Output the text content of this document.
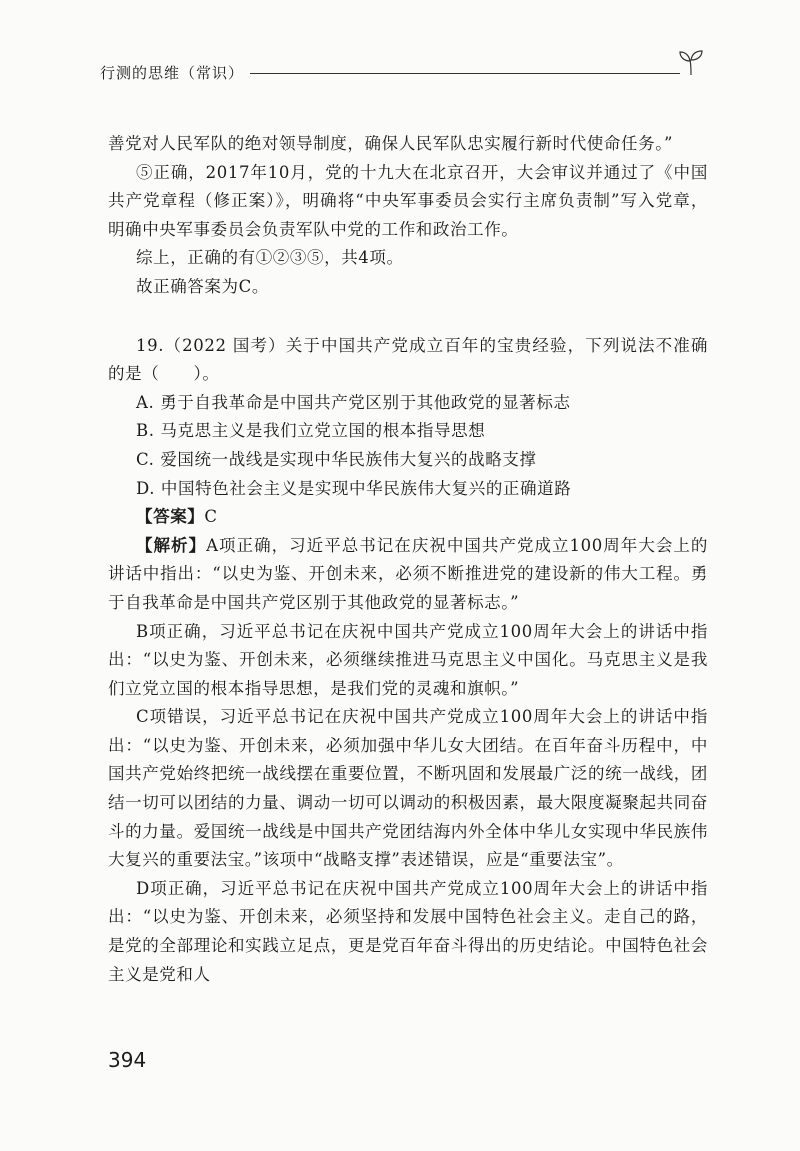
行测的思维（常识）

善党对人民军队的绝对领导制度，确保人民军队忠实履行新时代使命任务。”

⑤正确，2017年10月，党的十九大在北京召开，大会审议并通过了《中国共产党章程（修正案）》，明确将“中央军事委员会实行主席负责制”写入党章，明确中央军事委员会负责军队中党的工作和政治工作。

综上，正确的有①②③⑤，共4项。

故正确答案为C。

19.（2022 国考）关于中国共产党成立百年的宝贵经验，下列说法不准确的是（　　）。

A. 勇于自我革命是中国共产党区别于其他政党的显著标志

B. 马克思主义是我们立党立国的根本指导思想

C. 爱国统一战线是实现中华民族伟大复兴的战略支撑

D. 中国特色社会主义是实现中华民族伟大复兴的正确道路

【答案】C

【解析】A项正确，习近平总书记在庆祝中国共产党成立100周年大会上的讲话中指出：“以史为鉴、开创未来，必须不断推进党的建设新的伟大工程。勇于自我革命是中国共产党区别于其他政党的显著标志。”

B项正确，习近平总书记在庆祝中国共产党成立100周年大会上的讲话中指出：“以史为鉴、开创未来，必须继续推进马克思主义中国化。马克思主义是我们立党立国的根本指导思想，是我们党的灵魂和旗帜。”

C项错误，习近平总书记在庆祝中国共产党成立100周年大会上的讲话中指出：“以史为鉴、开创未来，必须加强中华儿女大团结。在百年奋斗历程中，中国共产党始终把统一战线摆在重要位置，不断巩固和发展最广泛的统一战线，团结一切可以团结的力量、调动一切可以调动的积极因素，最大限度凝聚起共同奋斗的力量。爱国统一战线是中国共产党团结海内外全体中华儿女实现中华民族伟大复兴的重要法宝。”该项中“战略支撑”表述错误，应是“重要法宝”。

D项正确，习近平总书记在庆祝中国共产党成立100周年大会上的讲话中指出：“以史为鉴、开创未来，必须坚持和发展中国特色社会主义。走自己的路，是党的全部理论和实践立足点，更是党百年奋斗得出的历史结论。中国特色社会主义是党和人

394
